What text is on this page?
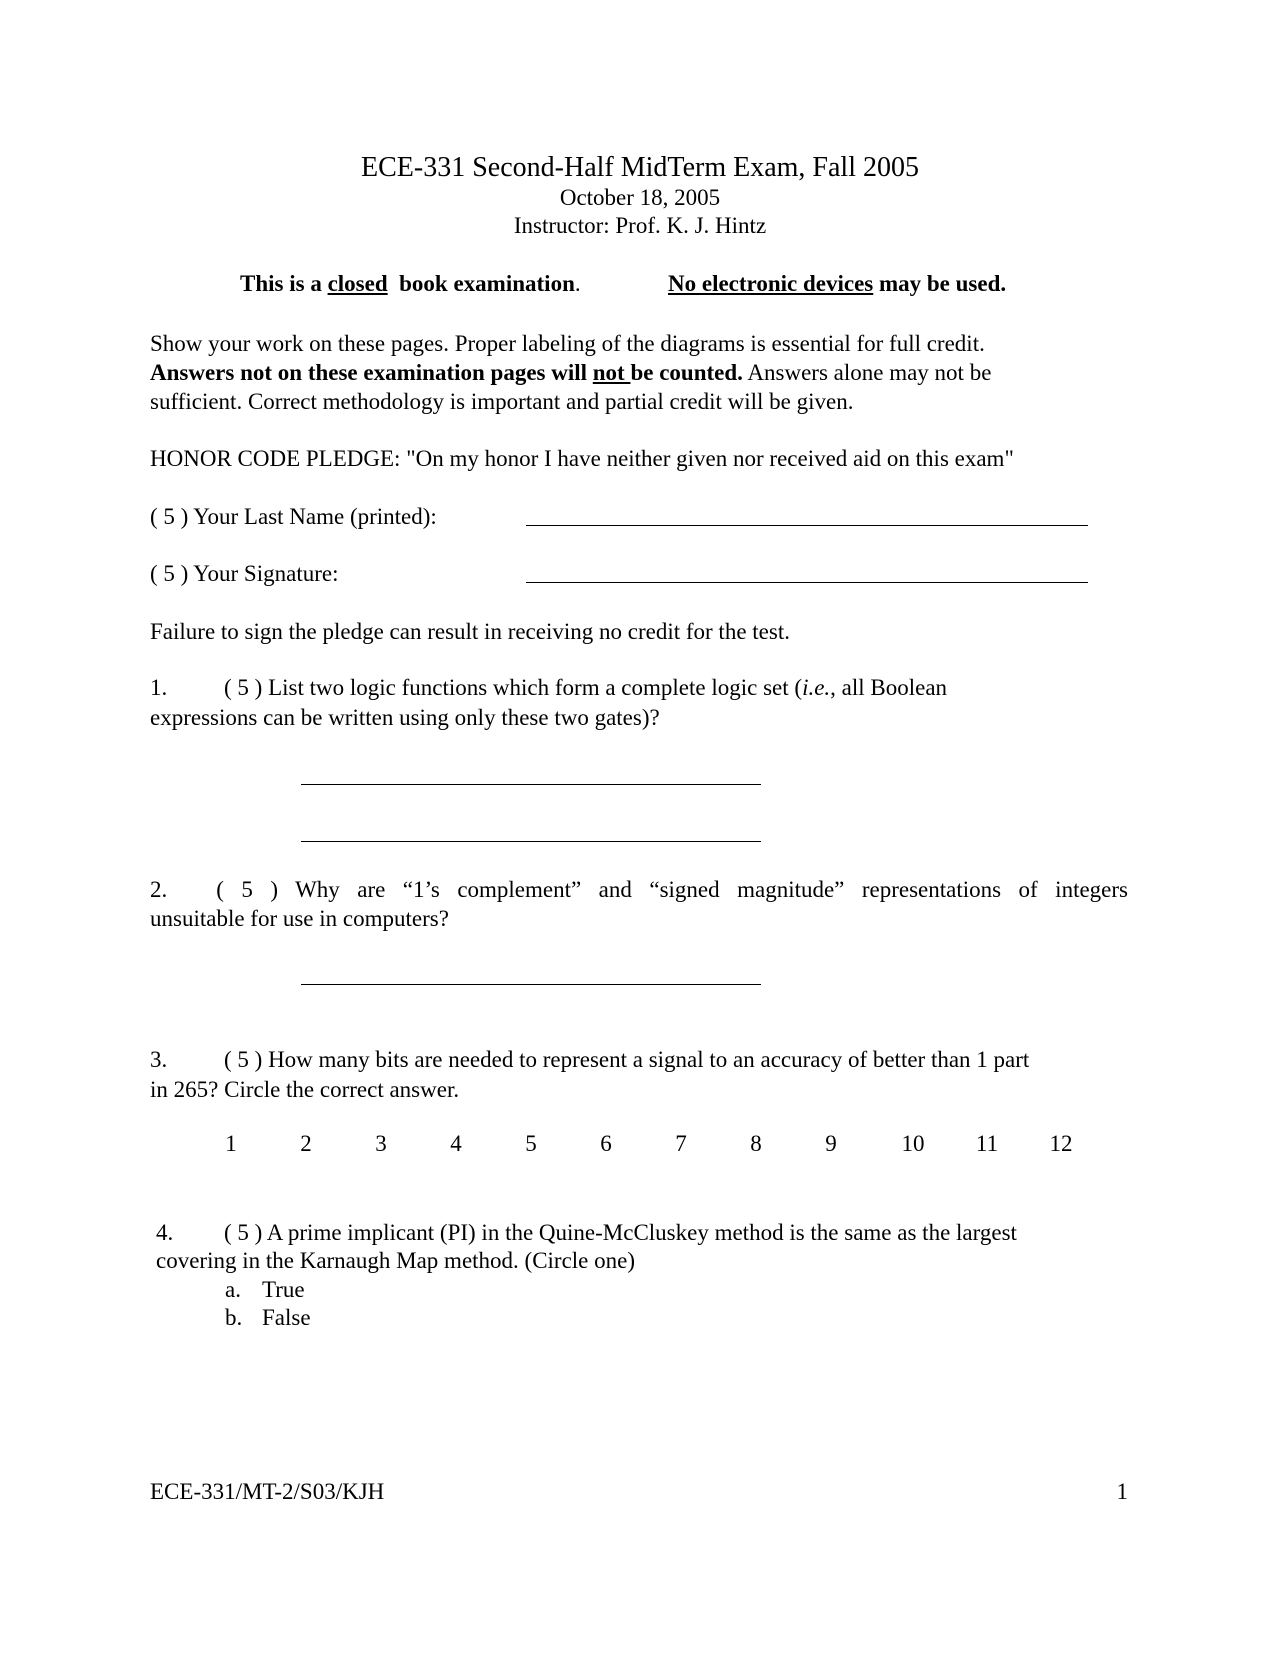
ECE-331 Second-Half MidTerm Exam, Fall 2005
October 18, 2005
Instructor: Prof. K. J. Hintz
This is a closed book examination.	No electronic devices may be used.
Show your work on these pages. Proper labeling of the diagrams is essential for full credit.
Answers not on these examination pages will not be counted. Answers alone may not be
sufficient. Correct methodology is important and partial credit will be given.
HONOR CODE PLEDGE: "On my honor I have neither given nor received aid on this exam"
( 5 ) Your Last Name (printed):
( 5 ) Your Signature:
Failure to sign the pledge can result in receiving no credit for the test.
1. ( 5 ) List two logic functions which form a complete logic set (i.e., all Boolean
expressions can be written using only these two gates)?
2. ( 5 ) Why are “1’s complement” and “signed magnitude” representations of integers
unsuitable for use in computers?
3. ( 5 ) How many bits are needed to represent a signal to an accuracy of better than 1 part
in 265? Circle the correct answer.
1	2	3	4	5	6	7	8	9	10	11	12
4. ( 5 ) A prime implicant (PI) in the Quine-McCluskey method is the same as the largest
covering in the Karnaugh Map method. (Circle one)
a. True
b. False
ECE-331/MT-2/S03/KJH	1
